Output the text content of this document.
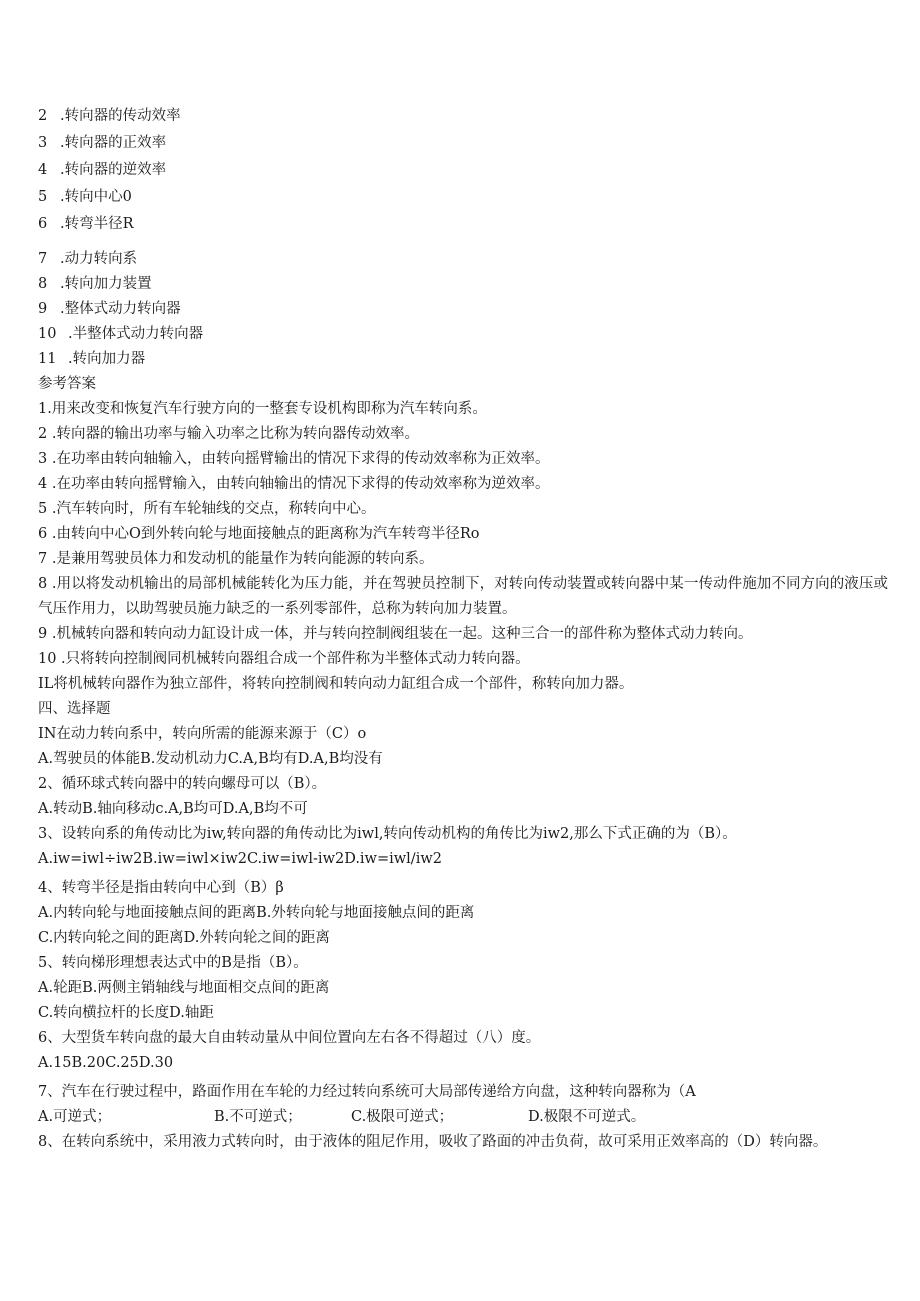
2 .转向器的传动效率
3 .转向器的正效率
4 .转向器的逆效率
5 .转向中心0
6 .转弯半径R
7 .动力转向系
8 .转向加力装置
9 .整体式动力转向器
10 .半整体式动力转向器
11 .转向加力器
参考答案
1.用来改变和恢复汽车行驶方向的一整套专设机构即称为汽车转向系。
2 .转向器的输出功率与输入功率之比称为转向器传动效率。
3 .在功率由转向轴输入，由转向摇臂输出的情况下求得的传动效率称为正效率。
4 .在功率由转向摇臂输入，由转向轴输出的情况下求得的传动效率称为逆效率。
5 .汽车转向时，所有车轮轴线的交点，称转向中心。
6 .由转向中心O到外转向轮与地面接触点的距离称为汽车转弯半径Ro
7 .是兼用驾驶员体力和发动机的能量作为转向能源的转向系。
8 .用以将发动机输出的局部机械能转化为压力能，并在驾驶员控制下，对转向传动装置或转向器中某一传动件施加不同方向的液压或气压作用力，以助驾驶员施力缺乏的一系列零部件，总称为转向加力装置。
9 .机械转向器和转向动力缸设计成一体，并与转向控制阀组装在一起。这种三合一的部件称为整体式动力转向。
10 .只将转向控制阀同机械转向器组合成一个部件称为半整体式动力转向器。
IL将机械转向器作为独立部件，将转向控制阀和转向动力缸组合成一个部件，称转向加力器。
四、选择题
IN在动力转向系中，转向所需的能源来源于（C）o
A.驾驶员的体能B.发动机动力C.A,B均有D.A,B均没有
2、循环球式转向器中的转向螺母可以（B）。
A.转动B.轴向移动c.A,B均可D.A,B均不可
3、设转向系的角传动比为iw,转向器的角传动比为iwl,转向传动机构的角传比为iw2,那么下式正确的为（B）。
A.iw=iwl÷iw2B.iw=iwl×iw2C.iw=iwl-iw2D.iw=iwl∕iw2
4、转弯半径是指由转向中心到（B）β
A.内转向轮与地面接触点间的距离B.外转向轮与地面接触点间的距离
C.内转向轮之间的距离D.外转向轮之间的距离
5、转向梯形理想表达式中的B是指（B）。
A.轮距B.两侧主销轴线与地面相交点间的距离
C.转向横拉杆的长度D.轴距
6、大型货车转向盘的最大自由转动量从中间位置向左右各不得超过（八）度。
A.15B.20C.25D.30
7、汽车在行驶过程中，路面作用在车轮的力经过转向系统可大局部传递给方向盘，这种转向器称为（A
A.可逆式；	B.不可逆式；	C.极限可逆式；	D.极限不可逆式。
8、在转向系统中，采用液力式转向时，由于液体的阻尼作用，吸收了路面的冲击负荷，故可采用正效率高的（D）转向器。
